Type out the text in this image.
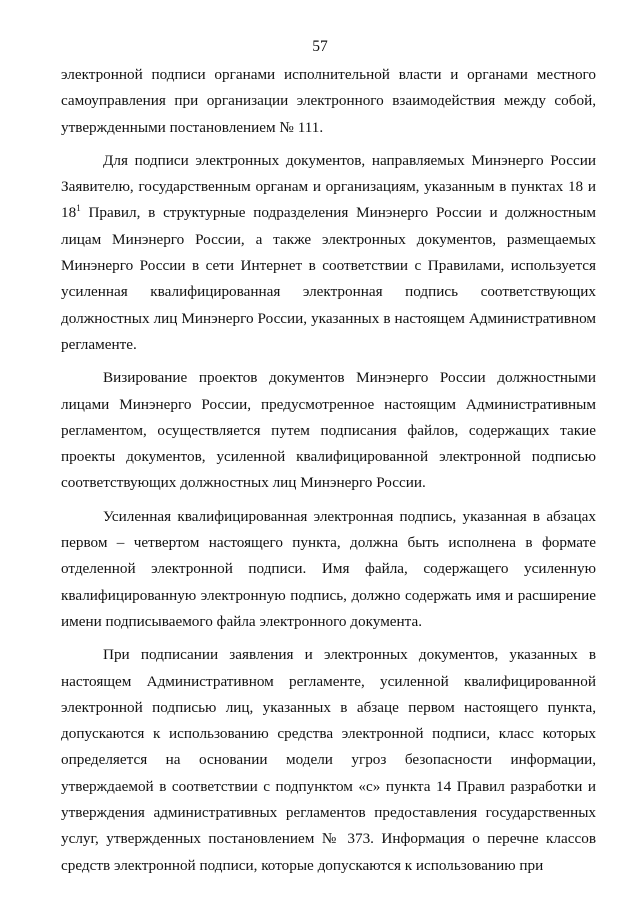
57

электронной подписи органами исполнительной власти и органами местного самоуправления при организации электронного взаимодействия между собой, утвержденными постановлением № 111.

Для подписи электронных документов, направляемых Минэнерго России Заявителю, государственным органам и организациям, указанным в пунктах 18 и $18^1$ Правил, в структурные подразделения Минэнерго России и должностным лицам Минэнерго России, а также электронных документов, размещаемых Минэнерго России в сети Интернет в соответствии с Правилами, используется усиленная квалифицированная электронная подпись соответствующих должностных лиц Минэнерго России, указанных в настоящем Административном регламенте.

Визирование проектов документов Минэнерго России должностными лицами Минэнерго России, предусмотренное настоящим Административным регламентом, осуществляется путем подписания файлов, содержащих такие проекты документов, усиленной квалифицированной электронной подписью соответствующих должностных лиц Минэнерго России.

Усиленная квалифицированная электронная подпись, указанная в абзацах первом – четвертом настоящего пункта, должна быть исполнена в формате отделенной электронной подписи. Имя файла, содержащего усиленную квалифицированную электронную подпись, должно содержать имя и расширение имени подписываемого файла электронного документа.

При подписании заявления и электронных документов, указанных в настоящем Административном регламенте, усиленной квалифицированной электронной подписью лиц, указанных в абзаце первом настоящего пункта, допускаются к использованию средства электронной подписи, класс которых определяется на основании модели угроз безопасности информации, утверждаемой в соответствии с подпунктом «с» пункта 14 Правил разработки и утверждения административных регламентов предоставления государственных услуг, утвержденных постановлением № 373. Информация о перечне классов средств электронной подписи, которые допускаются к использованию при
